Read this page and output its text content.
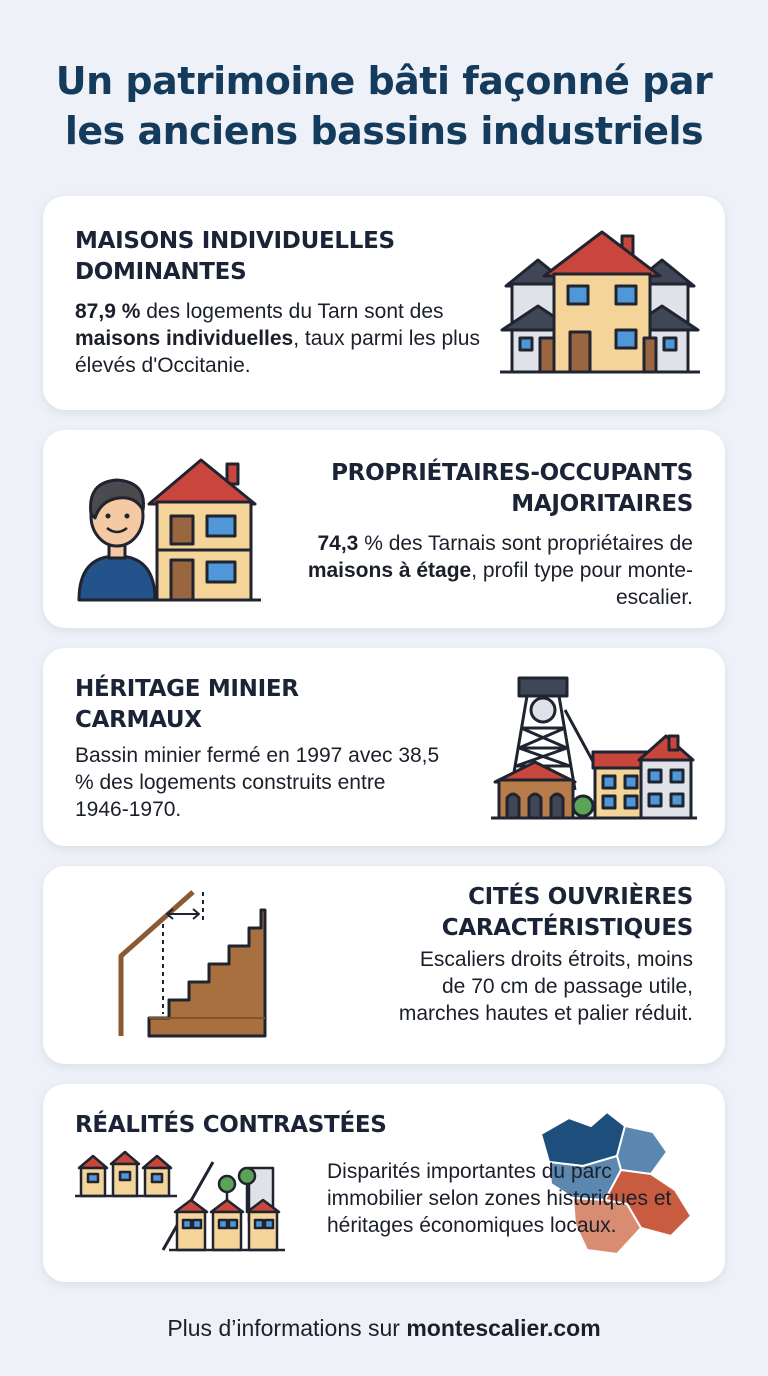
Un patrimoine bâti façonné par
les anciens bassins industriels
MAISONS INDIVIDUELLES
DOMINANTES

87,9 % des logements du Tarn sont des maisons individuelles, taux parmi les plus élevés d'Occitanie.

PROPRIÉTAIRES-OCCUPANTS
MAJORITAIRES

74,3 % des Tarnais sont propriétaires de maisons à étage, profil type pour monte-escalier.

HÉRITAGE MINIER
CARMAUX

Bassin minier fermé en 1997 avec 38,5 % des logements construits entre 1946-1970.

CITÉS OUVRIÈRES
CARACTÉRISTIQUES

Escaliers droits étroits, moins de 70 cm de passage utile, marches hautes et palier réduit.

RÉALITÉS CONTRASTÉES

Disparités importantes du parc immobilier selon zones historiques et héritages économiques locaux.

Plus d’informations sur montescalier.com
